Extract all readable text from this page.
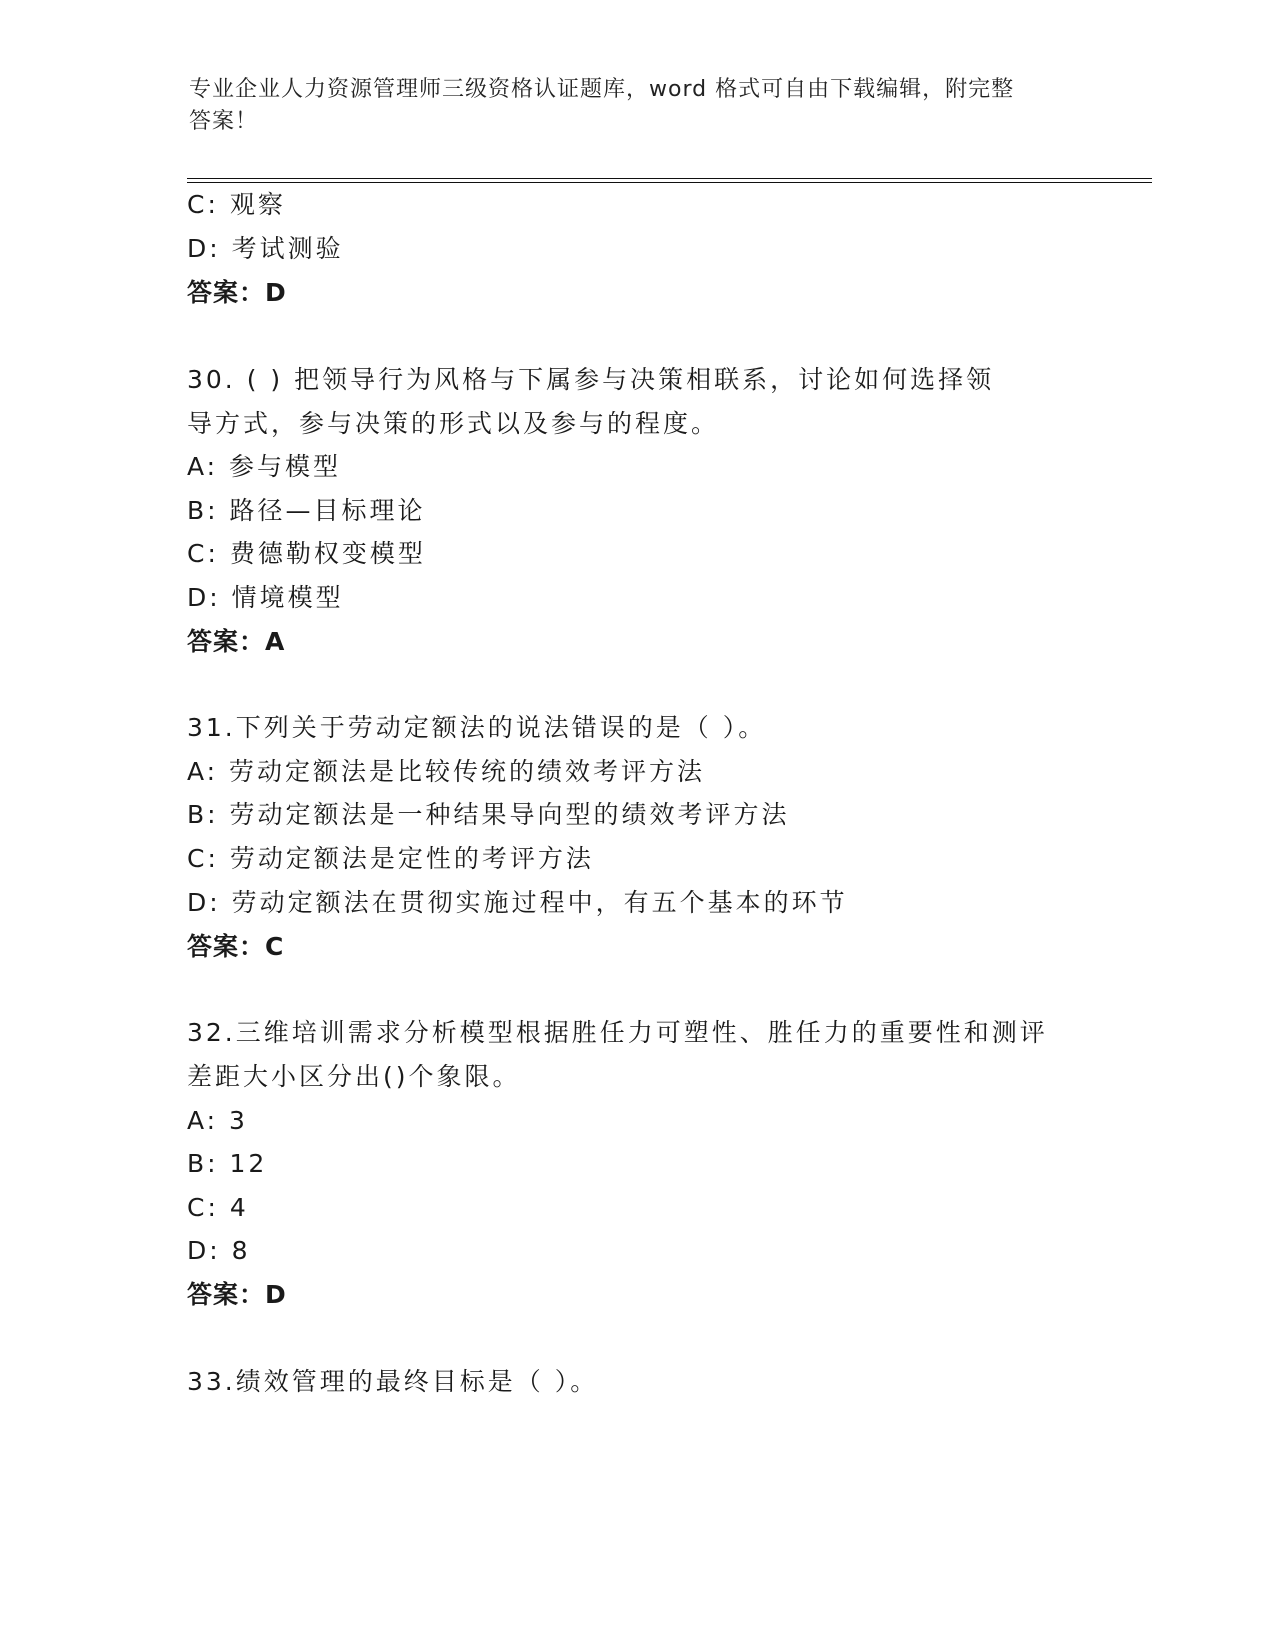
专业企业人力资源管理师三级资格认证题库，word 格式可自由下载编辑，附完整
答案！
C: 观察
D: 考试测验
答案：D
30. ( ) 把领导行为风格与下属参与决策相联系，讨论如何选择领
导方式，参与决策的形式以及参与的程度。
A: 参与模型
B: 路径—目标理论
C: 费德勒权变模型
D: 情境模型
答案：A
31.下列关于劳动定额法的说法错误的是（ ）。
A: 劳动定额法是比较传统的绩效考评方法
B: 劳动定额法是一种结果导向型的绩效考评方法
C: 劳动定额法是定性的考评方法
D: 劳动定额法在贯彻实施过程中，有五个基本的环节
答案：C
32.三维培训需求分析模型根据胜任力可塑性、胜任力的重要性和测评
差距大小区分出()个象限。
A: 3
B: 12
C: 4
D: 8
答案：D
33.绩效管理的最终目标是（ ）。
